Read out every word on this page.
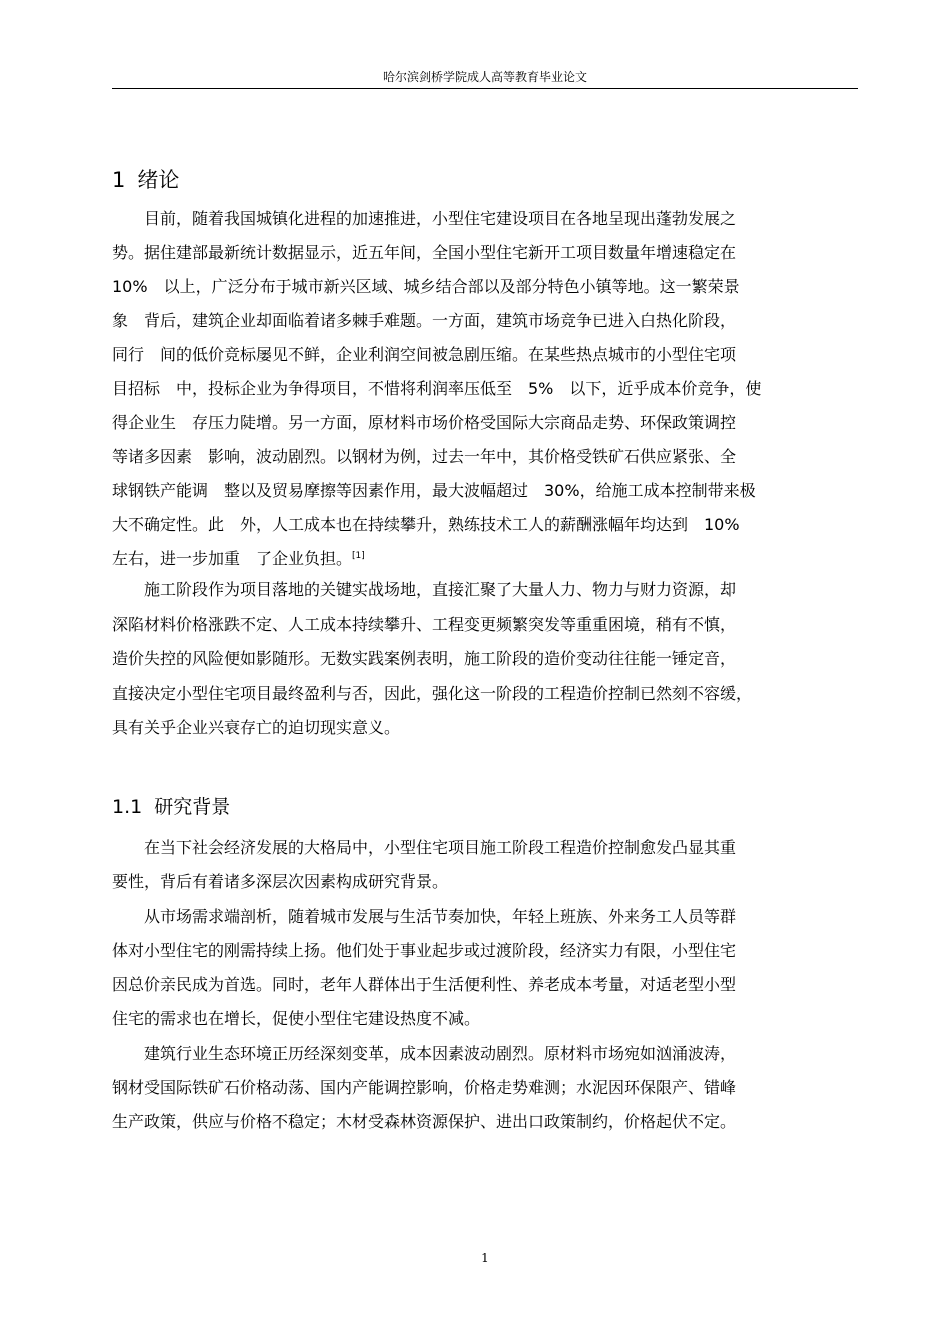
哈尔滨剑桥学院成人高等教育毕业论文
1 绪论
　　目前，随着我国城镇化进程的加速推进，小型住宅建设项目在各地呈现出蓬勃发展之
势。据住建部最新统计数据显示，近五年间，全国小型住宅新开工项目数量年增速稳定在
10%　以上，广泛分布于城市新兴区域、城乡结合部以及部分特色小镇等地。这一繁荣景
象　背后，建筑企业却面临着诸多棘手难题。一方面，建筑市场竞争已进入白热化阶段，
同行　间的低价竞标屡见不鲜，企业利润空间被急剧压缩。在某些热点城市的小型住宅项
目招标　中，投标企业为争得项目，不惜将利润率压低至　5%　以下，近乎成本价竞争，使
得企业生　存压力陡增。另一方面，原材料市场价格受国际大宗商品走势、环保政策调控
等诸多因素　影响，波动剧烈。以钢材为例，过去一年中，其价格受铁矿石供应紧张、全
球钢铁产能调　整以及贸易摩擦等因素作用，最大波幅超过　30%，给施工成本控制带来极
大不确定性。此　外，人工成本也在持续攀升，熟练技术工人的薪酬涨幅年均达到　10%
左右，进一步加重　了企业负担。[1]
　　施工阶段作为项目落地的关键实战场地，直接汇聚了大量人力、物力与财力资源，却
深陷材料价格涨跌不定、人工成本持续攀升、工程变更频繁突发等重重困境，稍有不慎，
造价失控的风险便如影随形。无数实践案例表明，施工阶段的造价变动往往能一锤定音，
直接决定小型住宅项目最终盈利与否，因此，强化这一阶段的工程造价控制已然刻不容缓，
具有关乎企业兴衰存亡的迫切现实意义。
1.1 研究背景
　　在当下社会经济发展的大格局中，小型住宅项目施工阶段工程造价控制愈发凸显其重
要性，背后有着诸多深层次因素构成研究背景。
　　从市场需求端剖析，随着城市发展与生活节奏加快，年轻上班族、外来务工人员等群
体对小型住宅的刚需持续上扬。他们处于事业起步或过渡阶段，经济实力有限，小型住宅
因总价亲民成为首选。同时，老年人群体出于生活便利性、养老成本考量，对适老型小型
住宅的需求也在增长，促使小型住宅建设热度不减。
　　建筑行业生态环境正历经深刻变革，成本因素波动剧烈。原材料市场宛如汹涌波涛，
钢材受国际铁矿石价格动荡、国内产能调控影响，价格走势难测；水泥因环保限产、错峰
生产政策，供应与价格不稳定；木材受森林资源保护、进出口政策制约，价格起伏不定。
1
